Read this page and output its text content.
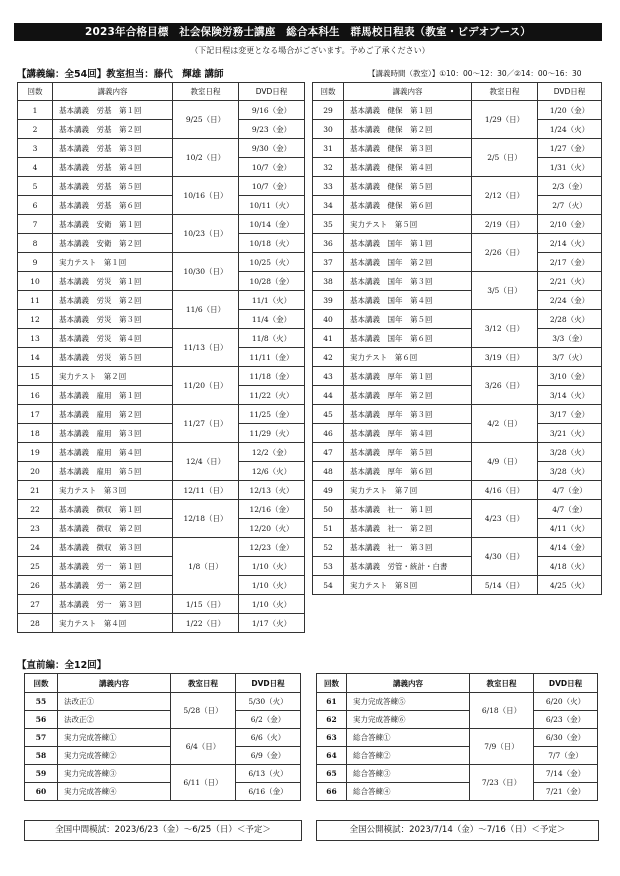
2023年合格目標　社会保険労務士講座　総合本科生　群馬校日程表（教室・ビデオブース）
（下記日程は変更となる場合がございます。予めご了承ください）
【講義編：全54回】教室担当：藤代　輝雄 講師	【講義時間（教室）】①10：00～12：30／②14：00～16：30
回数	講義内容	教室日程	DVD日程
1	基本講義　労基　第１回	9/25（日）	9/16（金）
2	基本講義　労基　第２回		9/23（金）
3	基本講義　労基　第３回	10/2（日）	9/30（金）
4	基本講義　労基　第４回		10/7（金）
5	基本講義　労基　第５回	10/16（日）	10/7（金）
6	基本講義　労基　第６回		10/11（火）
7	基本講義　安衛　第１回	10/23（日）	10/14（金）
8	基本講義　安衛　第２回		10/18（火）
9	実力テスト　第１回	10/30（日）	10/25（火）
10	基本講義　労災　第１回		10/28（金）
11	基本講義　労災　第２回	11/6（日）	11/1（火）
12	基本講義　労災　第３回		11/4（金）
13	基本講義　労災　第４回	11/13（日）	11/8（火）
14	基本講義　労災　第５回		11/11（金）
15	実力テスト　第２回	11/20（日）	11/18（金）
16	基本講義　雇用　第１回		11/22（火）
17	基本講義　雇用　第２回	11/27（日）	11/25（金）
18	基本講義　雇用　第３回		11/29（火）
19	基本講義　雇用　第４回	12/4（日）	12/2（金）
20	基本講義　雇用　第５回		12/6（火）
21	実力テスト　第３回	12/11（日）	12/13（火）
22	基本講義　徴収　第１回	12/18（日）	12/16（金）
23	基本講義　徴収　第２回		12/20（火）
24	基本講義　徴収　第３回	1/8（日）	12/23（金）
25	基本講義　労一　第１回		1/10（火）
26	基本講義　労一　第２回		1/10（火）
27	基本講義　労一　第３回	1/15（日）	1/10（火）
28	実力テスト　第４回	1/22（日）	1/17（火）
回数	講義内容	教室日程	DVD日程
29	基本講義　健保　第１回	1/29（日）	1/20（金）
30	基本講義　健保　第２回		1/24（火）
31	基本講義　健保　第３回	2/5（日）	1/27（金）
32	基本講義　健保　第４回		1/31（火）
33	基本講義　健保　第５回	2/12（日）	2/3（金）
34	基本講義　健保　第６回		2/7（火）
35	実力テスト　第５回	2/19（日）	2/10（金）
36	基本講義　国年　第１回	2/26（日）	2/14（火）
37	基本講義　国年　第２回		2/17（金）
38	基本講義　国年　第３回	3/5（日）	2/21（火）
39	基本講義　国年　第４回		2/24（金）
40	基本講義　国年　第５回	3/12（日）	2/28（火）
41	基本講義　国年　第６回		3/3（金）
42	実力テスト　第６回	3/19（日）	3/7（火）
43	基本講義　厚年　第１回	3/26（日）	3/10（金）
44	基本講義　厚年　第２回		3/14（火）
45	基本講義　厚年　第３回	4/2（日）	3/17（金）
46	基本講義　厚年　第４回		3/21（火）
47	基本講義　厚年　第５回	4/9（日）	3/28（火）
48	基本講義　厚年　第６回		3/28（火）
49	実力テスト　第７回	4/16（日）	4/7（金）
50	基本講義　社一　第１回	4/23（日）	4/7（金）
51	基本講義　社一　第２回		4/11（火）
52	基本講義　社一　第３回	4/30（日）	4/14（金）
53	基本講義　労管・統計・白書		4/18（火）
54	実力テスト　第８回	5/14（日）	4/25（火）
【直前編：全12回】
回数	講義内容	教室日程	DVD日程
55	法改正①	5/28（日）	5/30（火）
56	法改正②		6/2（金）
57	実力完成答練①	6/4（日）	6/6（火）
58	実力完成答練②		6/9（金）
59	実力完成答練③	6/11（日）	6/13（火）
60	実力完成答練④		6/16（金）
回数	講義内容	教室日程	DVD日程
61	実力完成答練⑤	6/18（日）	6/20（火）
62	実力完成答練⑥		6/23（金）
63	総合答練①	7/9（日）	6/30（金）
64	総合答練②		7/7（金）
65	総合答練③	7/23（日）	7/14（金）
66	総合答練④		7/21（金）
全国中間模試：2023/6/23（金）～6/25（日）＜予定＞	全国公開模試：2023/7/14（金）～7/16（日）＜予定＞
